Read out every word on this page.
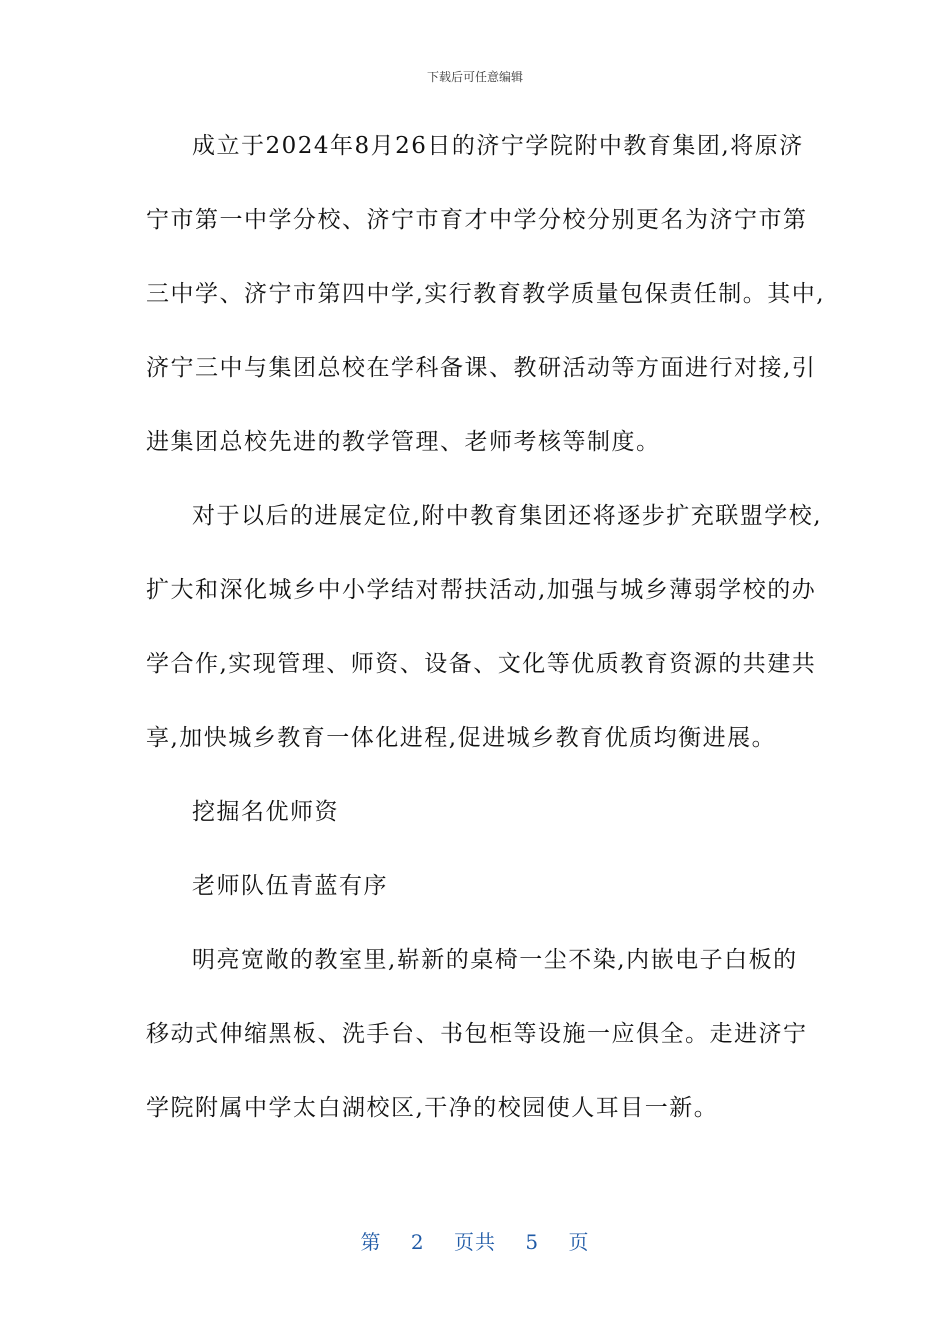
下载后可任意编辑
成立于2024年8月26日的济宁学院附中教育集团,将原济
宁市第一中学分校、济宁市育才中学分校分别更名为济宁市第
三中学、济宁市第四中学,实行教育教学质量包保责任制。其中,
济宁三中与集团总校在学科备课、教研活动等方面进行对接,引
进集团总校先进的教学管理、老师考核等制度。
对于以后的进展定位,附中教育集团还将逐步扩充联盟学校,
扩大和深化城乡中小学结对帮扶活动,加强与城乡薄弱学校的办
学合作,实现管理、师资、设备、文化等优质教育资源的共建共
享,加快城乡教育一体化进程,促进城乡教育优质均衡进展。
挖掘名优师资
老师队伍青蓝有序
明亮宽敞的教室里,崭新的桌椅一尘不染,内嵌电子白板的
移动式伸缩黑板、洗手台、书包柜等设施一应俱全。走进济宁
学院附属中学太白湖校区,干净的校园使人耳目一新。
第 2 页共 5 页
